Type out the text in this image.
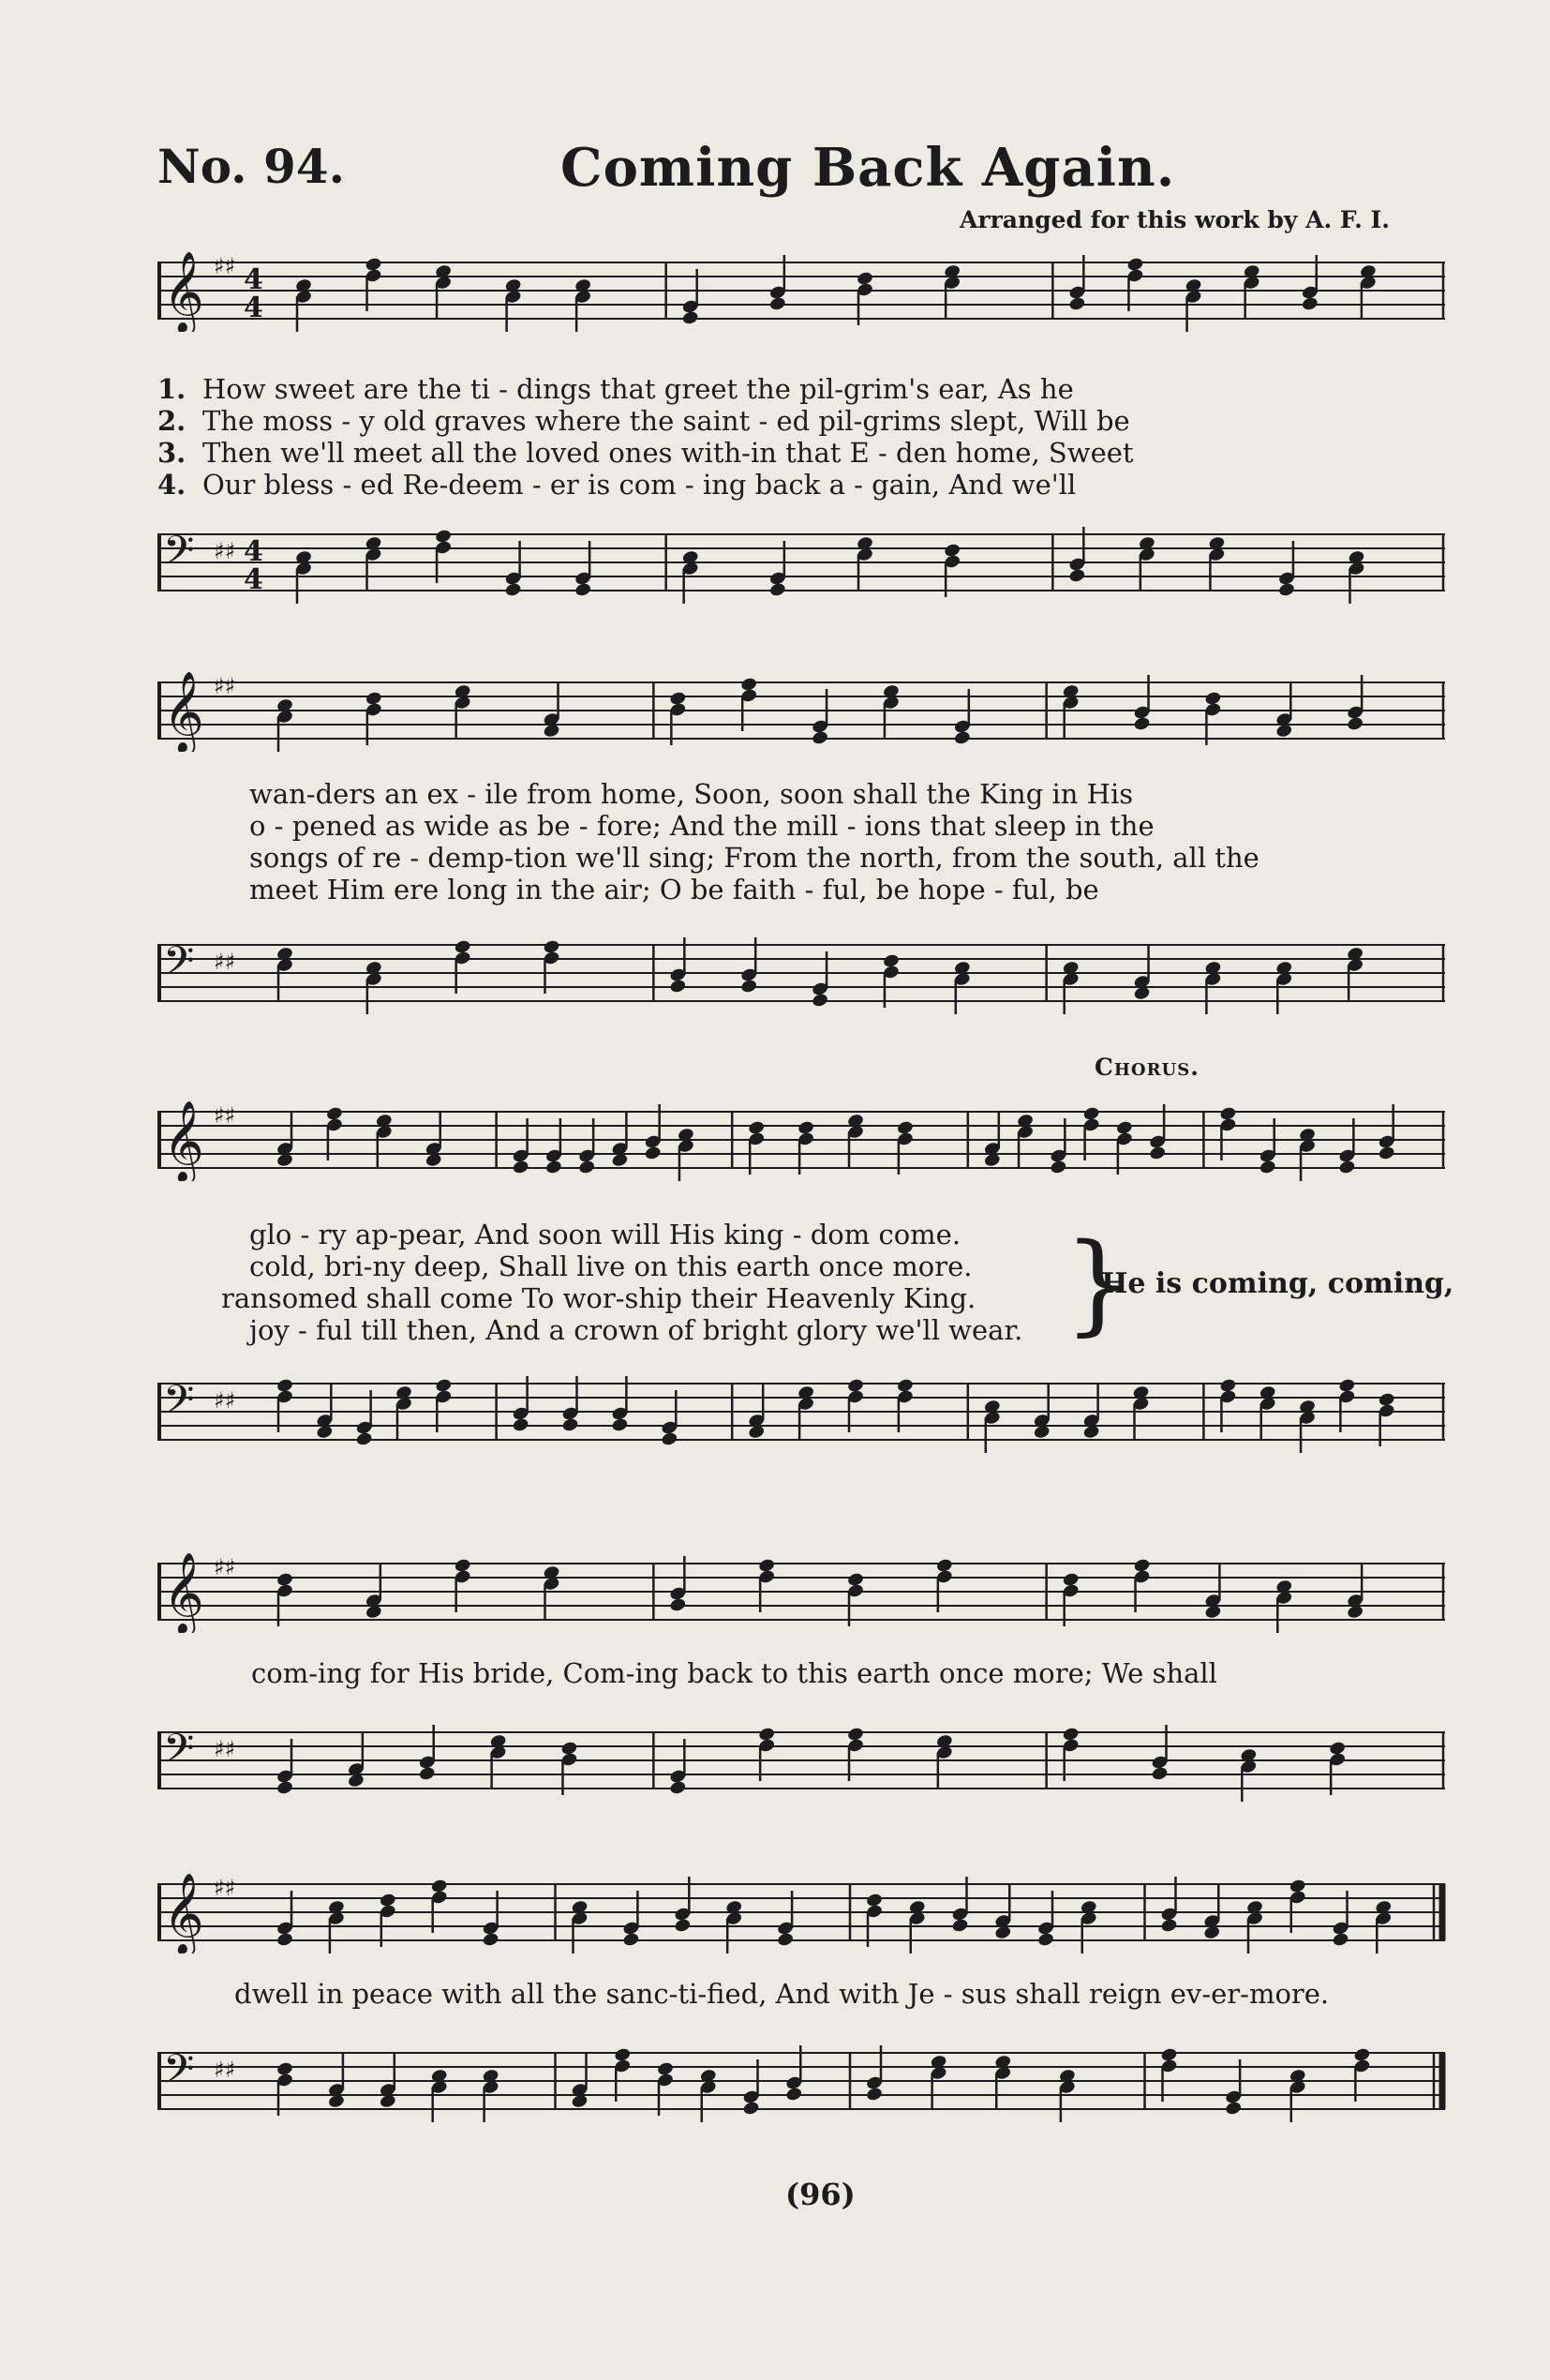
No. 94.	Coming Back Again.
Arranged for this work by A. F. I.
𝄞 ♯♯ 4
4
1. How sweet are the ti - dings that greet the pil-grim's ear, As he
2. The moss - y old graves where the saint - ed pil-grims slept, Will be
3. Then we'll meet all the loved ones with-in that E - den home, Sweet
4. Our bless - ed Re-deem - er is com - ing back a - gain, And we'll
𝄢 ♯♯ 4
4
𝄞 ♯♯
wan-ders an ex - ile from home, Soon, soon shall the King in His
o - pened as wide as be - fore; And the mill - ions that sleep in the
songs of re - demp-tion we'll sing; From the north, from the south, all the
meet Him ere long in the air; O be faith - ful, be hope - ful, be
𝄢 ♯♯
Chorus.
𝄞 ♯♯
𝄢 ♯♯
glo - ry ap-pear, And soon will His king - dom come.
cold, bri-ny deep, Shall live on this earth once more.
ransomed shall come To wor-ship their Heavenly King.
joy - ful till then, And a crown of bright glory we'll wear. }
He is coming, coming,
𝄞 ♯♯
com-ing for His bride, Com-ing back to this earth once more; We shall
𝄢 ♯♯
𝄞 ♯♯
dwell in peace with all the sanc-ti-fied, And with Je - sus shall reign ev-er-more.
𝄢 ♯♯
(96)
